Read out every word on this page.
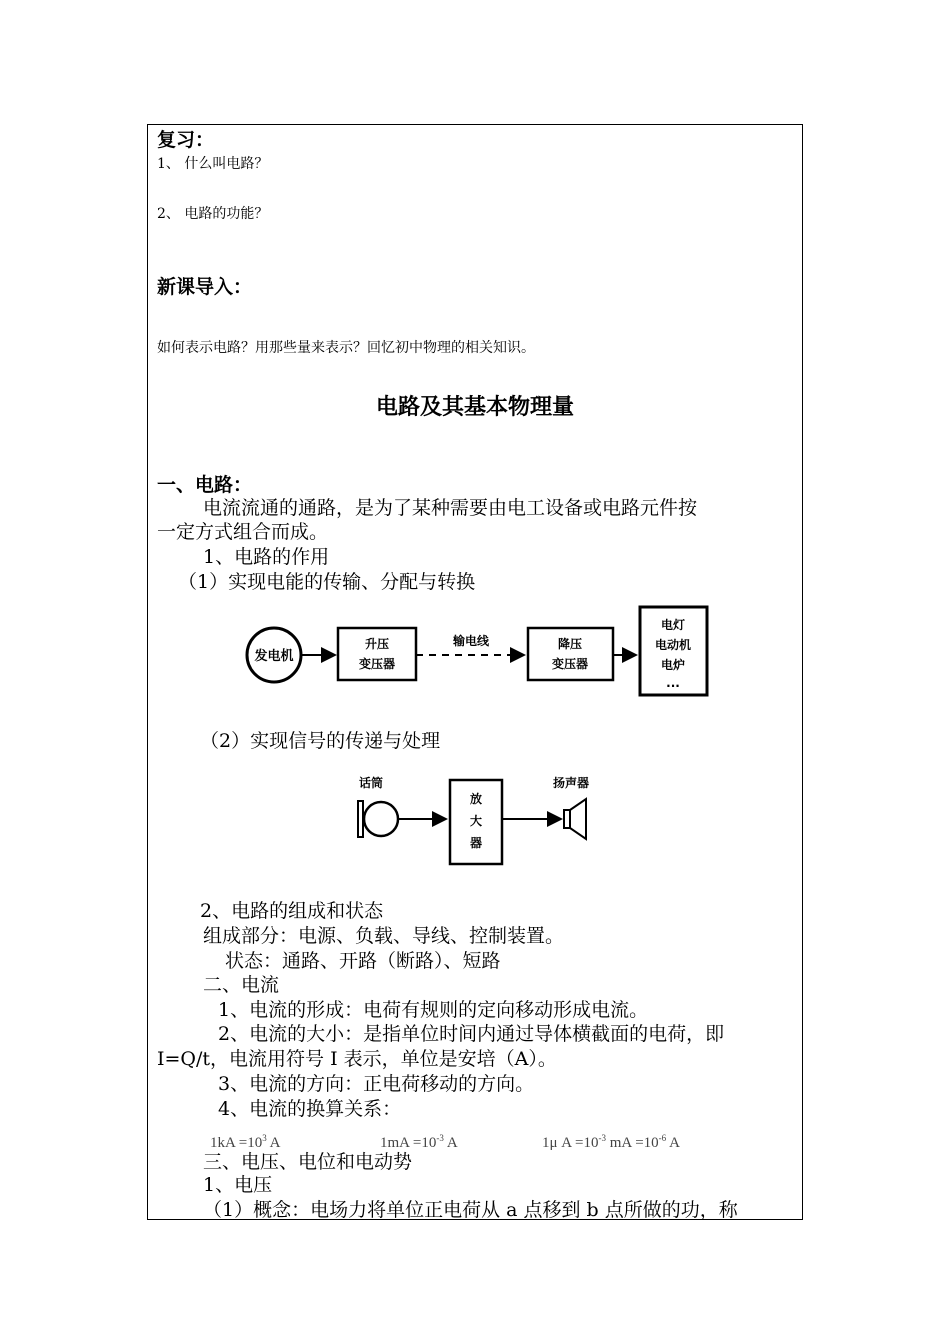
复习：
1、 什么叫电路？
2、 电路的功能？
新课导入：
如何表示电路？用那些量来表示？回忆初中物理的相关知识。
电路及其基本物理量
一、电路：
电流流通的通路，是为了某种需要由电工设备或电路元件按
一定方式组合而成。
1、电路的作用
（1）实现电能的传输、分配与转换
发电机
升压
变压器
输电线	降压
变压器
电灯
电动机
电炉
...
（2）实现信号的传递与处理
话筒
放
大
器
扬声器
2、电路的组成和状态
组成部分：电源、负载、导线、控制装置。
状态：通路、开路（断路）、短路
二、电流
1、电流的形成：电荷有规则的定向移动形成电流。
2、电流的大小：是指单位时间内通过导体横截面的电荷，即
I=Q/t，电流用符号 I 表示，单位是安培（A）。
3、电流的方向：正电荷移动的方向。
4、电流的换算关系：
$1kA =10^3$ A	$1mA =10^{-3}$ A	1μ $A =10^{-3}$ mA $=10^{-6}$ A
三、电压、电位和电动势
1、电压
（1）概念：电场力将单位正电荷从 a 点移到 b 点所做的功，称
